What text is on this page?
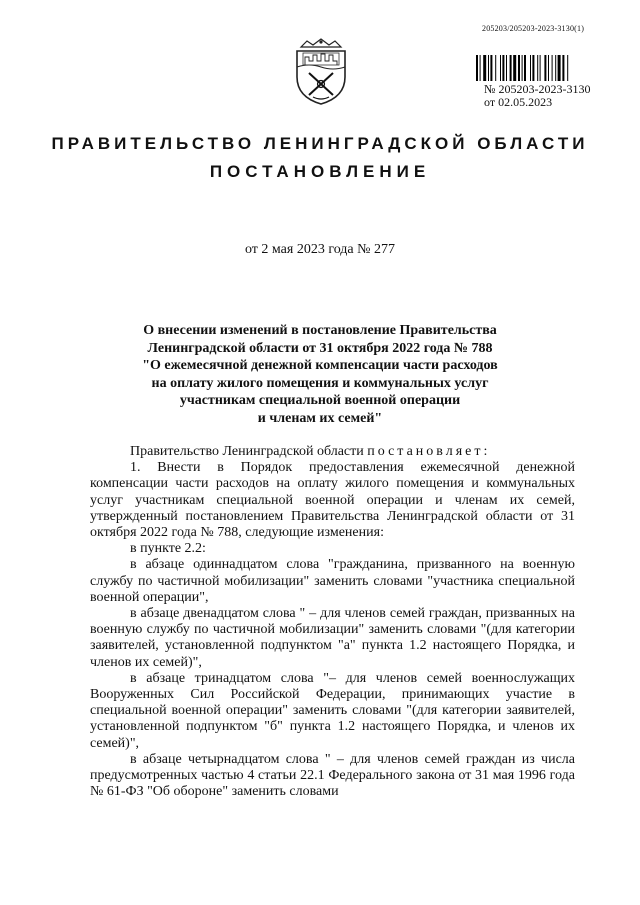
205203/205203-2023-3130(1)
№ 205203-2023-3130
от 02.05.2023
ПРАВИТЕЛЬСТВО ЛЕНИНГРАДСКОЙ ОБЛАСТИ
ПОСТАНОВЛЕНИЕ
от 2 мая 2023 года № 277
О внесении изменений в постановление Правительства
Ленинградской области от 31 октября 2022 года № 788
"О ежемесячной денежной компенсации части расходов
на оплату жилого помещения и коммунальных услуг
участникам специальной военной операции
и членам их семей"

Правительство Ленинградской области постановляет:

1. Внести в Порядок предоставления ежемесячной денежной компенсации части расходов на оплату жилого помещения и коммунальных услуг участникам специальной военной операции и членам их семей, утвержденный постановлением Правительства Ленинградской области от 31 октября 2022 года № 788, следующие изменения:

в пункте 2.2:

в абзаце одиннадцатом слова "гражданина, призванного на военную службу по частичной мобилизации" заменить словами "участника специальной военной операции",

в абзаце двенадцатом слова " – для членов семей граждан, призванных на военную службу по частичной мобилизации" заменить словами "(для категории заявителей, установленной подпунктом "а" пункта 1.2 настоящего Порядка, и членов их семей)",

в абзаце тринадцатом слова "– для членов семей военнослужащих Вооруженных Сил Российской Федерации, принимающих участие в специальной военной операции" заменить словами "(для категории заявителей, установленной подпунктом "б" пункта 1.2 настоящего Порядка, и членов их семей)",

в абзаце четырнадцатом слова " – для членов семей граждан из числа предусмотренных частью 4 статьи 22.1 Федерального закона от 31 мая 1996 года № 61-ФЗ "Об обороне" заменить словами
